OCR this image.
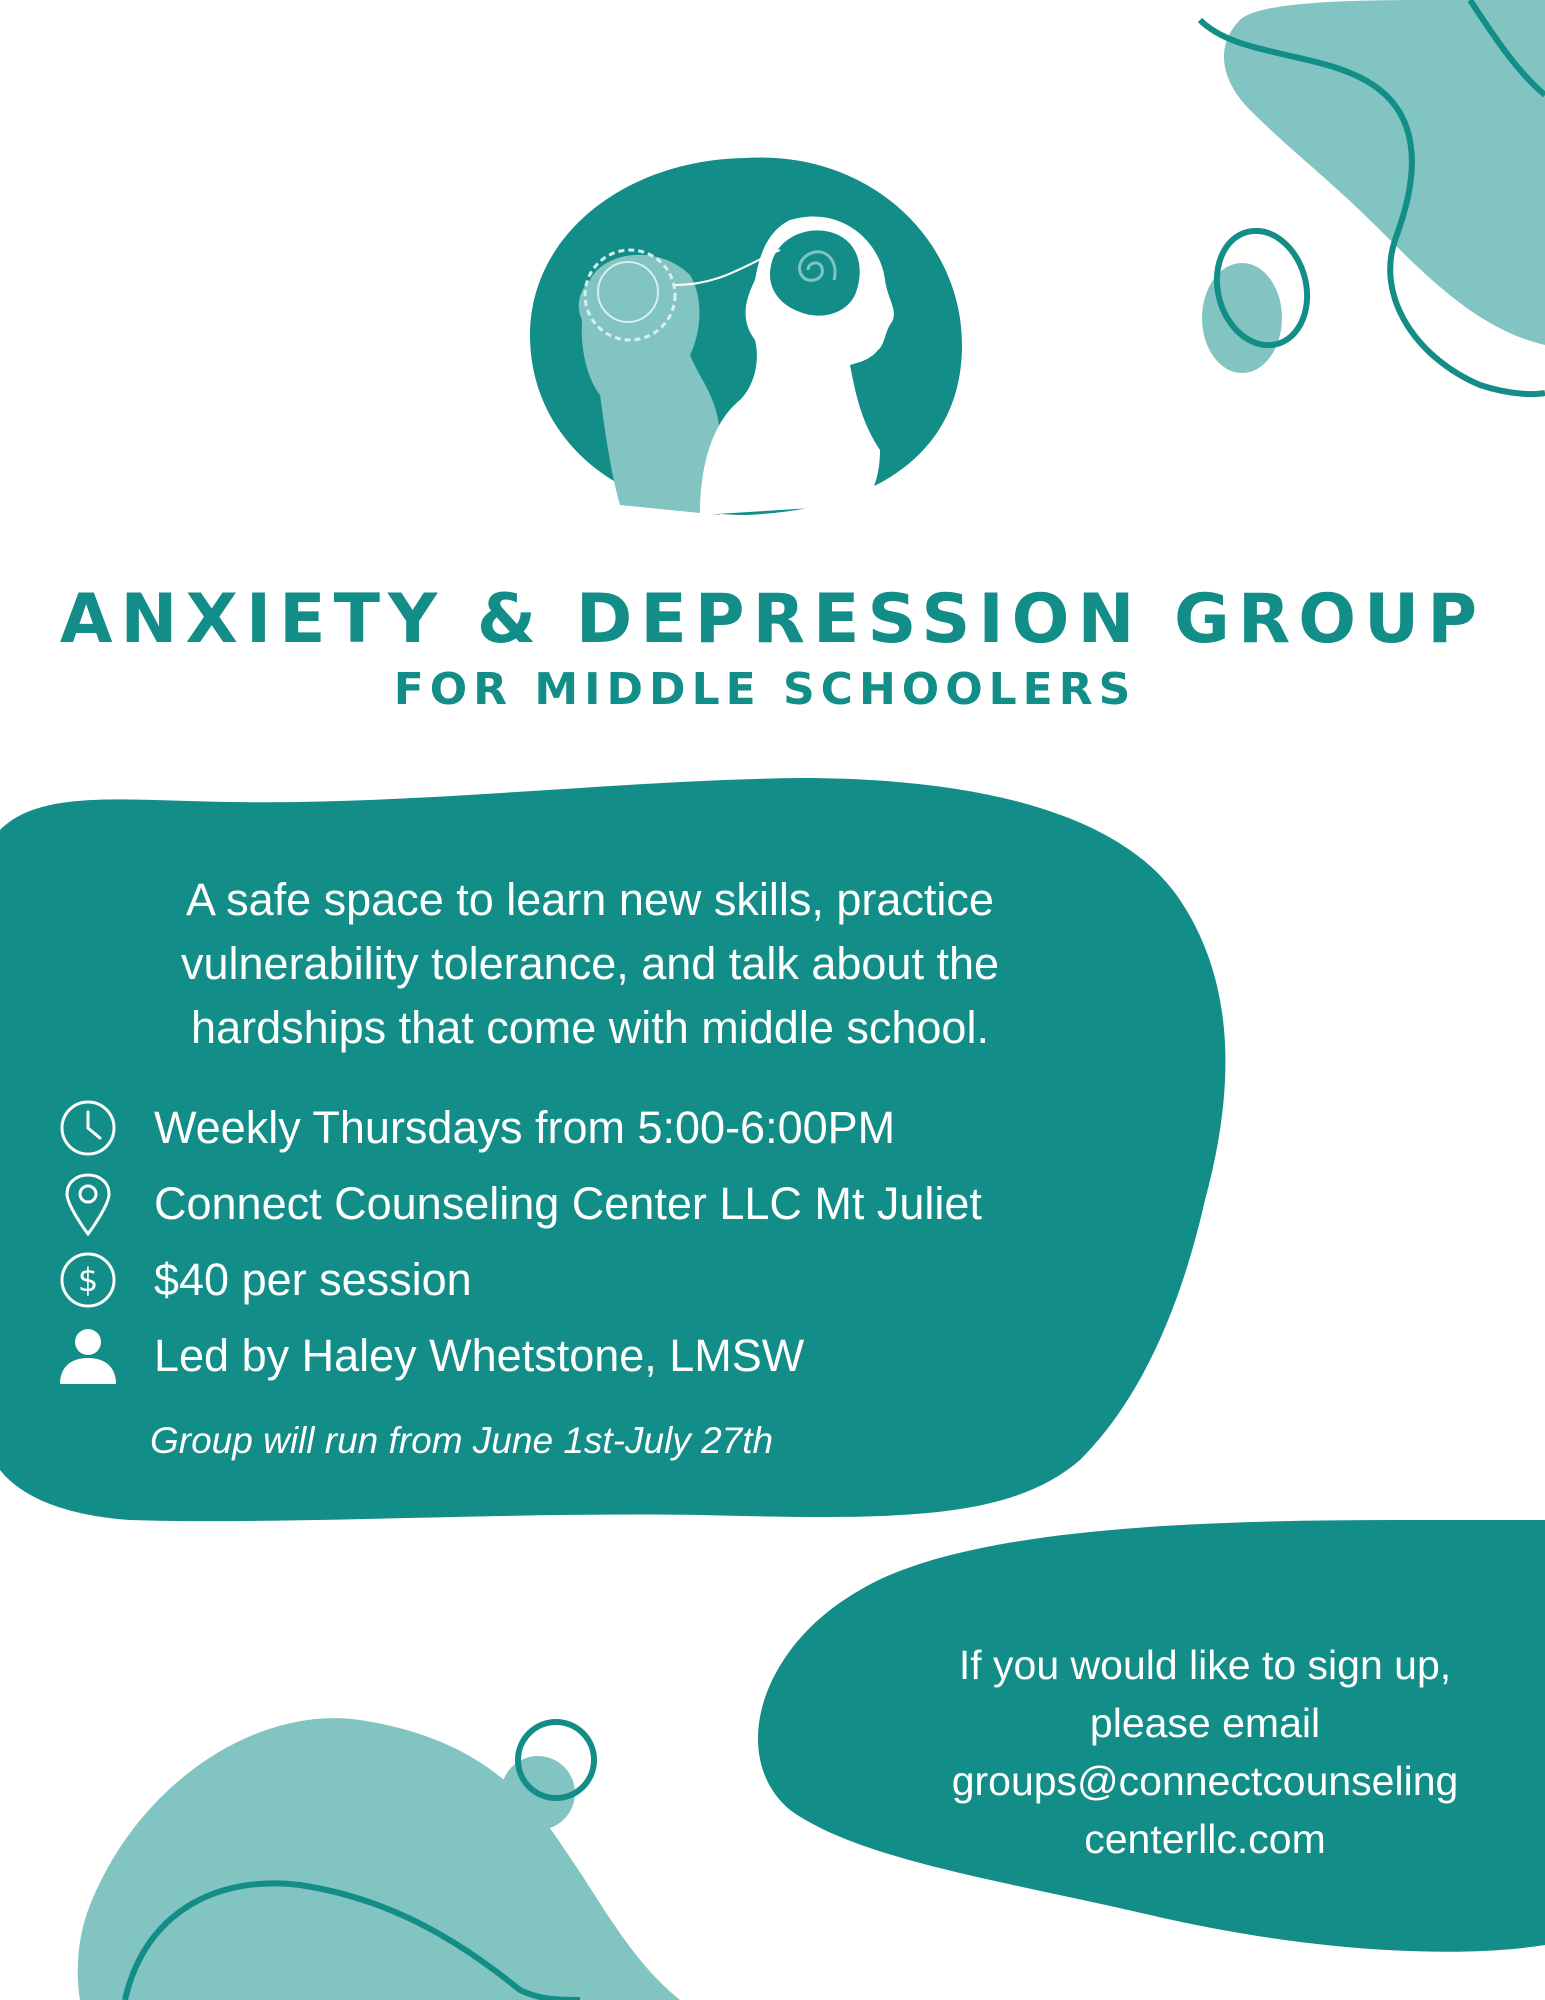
ANXIETY & DEPRESSION GROUP
FOR MIDDLE SCHOOLERS
A safe space to learn new skills, practice
vulnerability tolerance, and talk about the
hardships that come with middle school.
Weekly Thursdays from 5:00-6:00PM
Connect Counseling Center LLC Mt Juliet
$ $40 per session
Led by Haley Whetstone, LMSW
Group will run from June 1st-July 27th
If you would like to sign up,
please email
groups@connectcounseling
centerllc.com
